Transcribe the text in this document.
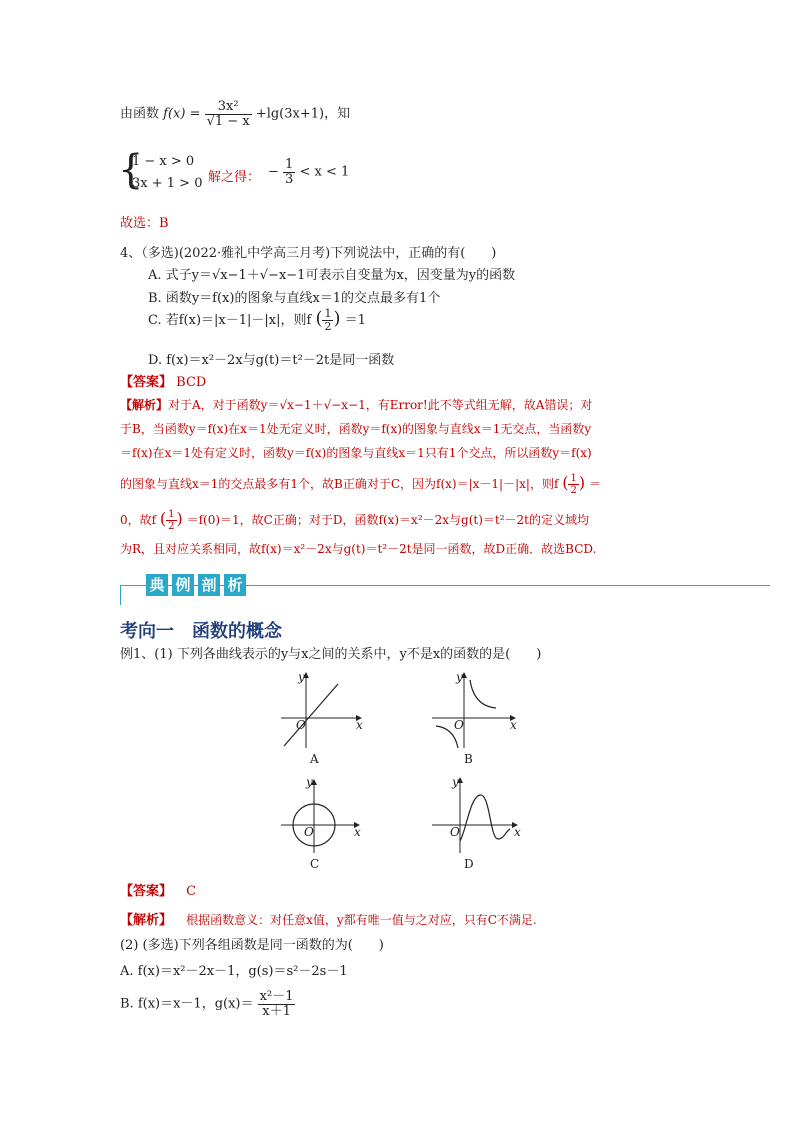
由函数 $f(x) = \frac{\text{3x²}}{√1 - x} +\lg(3x+1)$，知
{
1 − x > 0
3x + 1 > 0 解之得： − $\frac{1}{3} < x < 1$
故选：B
4、（多选)(2022·雅礼中学高三月考)下列说法中，正确的有(　　)
A. 式子y＝√x−1＋√−x−1可表示自变量为x，因变量为y的函数
B. 函数y＝f(x)的图象与直线x＝1的交点最多有1个
C. 若f(x)＝|x－1|－|x|，则f ( $\frac{1}{2}$ ) ＝1
D. f(x)＝x²－2x与g(t)＝t²－2t是同一函数
【答案】 BCD
【解析】对于A，对于函数y＝√x−1＋√−x−1，有Error!此不等式组无解，故A错误；对
于B，当函数y＝f(x)在x＝1处无定义时，函数y＝f(x)的图象与直线x＝1无交点，当函数y
＝f(x)在x＝1处有定义时，函数y＝f(x)的图象与直线x＝1只有1个交点，所以函数y＝f(x)
的图象与直线x＝1的交点最多有1个，故B正确对于C，因为f(x)＝|x－1|－|x|，则f ( $\frac{1}{2}$ ) ＝
0，故f ( $\frac{1}{2}$ ) ＝f(0)＝1，故C正确；对于D，函数f(x)＝x²－2x与g(t)＝t²－2t的定义域均
为R，且对应关系相同，故f(x)＝x²－2x与g(t)＝t²－2t是同一函数，故D正确．故选BCD.
典 例 剖 析
考向一　函数的概念
例1、(1) 下列各曲线表示的y与x之间的关系中，y不是x的函数的是(　　)
y
x
O
A
y
x
O
B
y
x
O
C
y
x
O
D
【答案】 C
【解析】 根据函数意义：对任意x值，y都有唯一值与之对应，只有C不满足.
(2) (多选)下列各组函数是同一函数的为(　　)
A. f(x)＝x²－2x－1，g(s)＝s²－2s－1
B. f(x)＝x－1，$g(x)= \frac{\text{x²－1}}{x+1}$
